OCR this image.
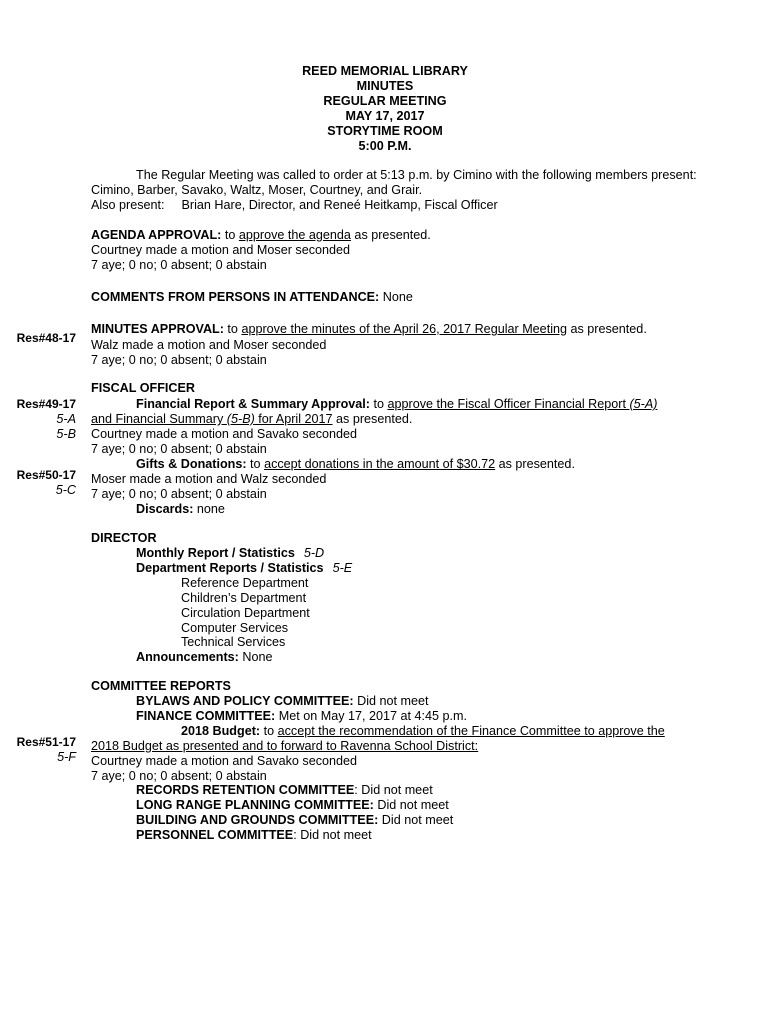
REED MEMORIAL LIBRARY
MINUTES
REGULAR MEETING
MAY 17, 2017
STORYTIME ROOM
5:00 P.M.
The Regular Meeting was called to order at 5:13 p.m. by Cimino with the following members present:
Cimino, Barber, Savako, Waltz, Moser, Courtney, and Grair.
Also present: Brian Hare, Director, and Reneé Heitkamp, Fiscal Officer
AGENDA APPROVAL: to approve the agenda as presented.
Courtney made a motion and Moser seconded
7 aye; 0 no; 0 absent; 0 abstain
COMMENTS FROM PERSONS IN ATTENDANCE: None
Res#48-17
MINUTES APPROVAL: to approve the minutes of the April 26, 2017 Regular Meeting as presented.
Walz made a motion and Moser seconded
7 aye; 0 no; 0 absent; 0 abstain
FISCAL OFFICER
Res#49-17
5-A
5-B
Financial Report & Summary Approval: to approve the Fiscal Officer Financial Report (5-A)
and Financial Summary (5-B) for April 2017 as presented.
Courtney made a motion and Savako seconded
7 aye; 0 no; 0 absent; 0 abstain
Gifts & Donations: to accept donations in the amount of $30.72 as presented.
Res#50-17
5-C
Moser made a motion and Walz seconded
7 aye; 0 no; 0 absent; 0 abstain
Discards: none
DIRECTOR
Monthly Report / Statistics 5-D
Department Reports / Statistics 5-E
Reference Department
Children’s Department
Circulation Department
Computer Services
Technical Services
Announcements: None
COMMITTEE REPORTS
BYLAWS AND POLICY COMMITTEE: Did not meet
FINANCE COMMITTEE: Met on May 17, 2017 at 4:45 p.m.
2018 Budget: to accept the recommendation of the Finance Committee to approve the
Res#51-17
5-F
2018 Budget as presented and to forward to Ravenna School District:
Courtney made a motion and Savako seconded
7 aye; 0 no; 0 absent; 0 abstain
RECORDS RETENTION COMMITTEE: Did not meet
LONG RANGE PLANNING COMMITTEE: Did not meet
BUILDING AND GROUNDS COMMITTEE: Did not meet
PERSONNEL COMMITTEE: Did not meet
